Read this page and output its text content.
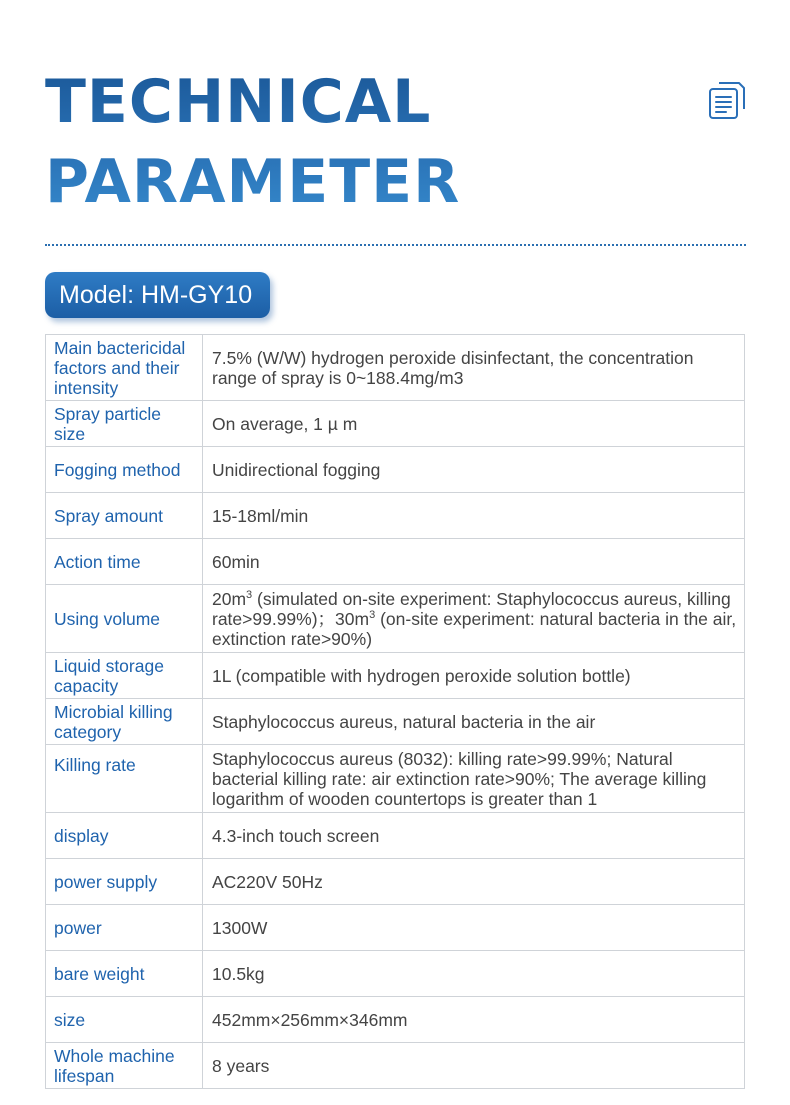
TECHNICAL
PARAMETER
Model: HM-GY10
Main bactericidal factors and their intensity	7.5% (W/W) hydrogen peroxide disinfectant, the concentration range of spray is 0~188.4mg/m3
Spray particle size	On average, 1 µ m
Fogging method	Unidirectional fogging
Spray amount	15-18ml/min
Action time	60min
Using volume	$20m^3$ (simulated on-site experiment: Staphylococcus aureus, killing rate>99.99%)；$30m^3$ (on-site experiment: natural bacteria in the air, extinction rate>90%)
Liquid storage capacity	1L (compatible with hydrogen peroxide solution bottle)
Microbial killing category	Staphylococcus aureus, natural bacteria in the air
Killing rate	Staphylococcus aureus (8032): killing rate>99.99%; Natural bacterial killing rate: air extinction rate>90%; The average killing logarithm of wooden countertops is greater than 1
display	4.3-inch touch screen
power supply	AC220V 50Hz
power	1300W
bare weight	10.5kg
size	452mm×256mm×346mm
Whole machine lifespan	8 years
